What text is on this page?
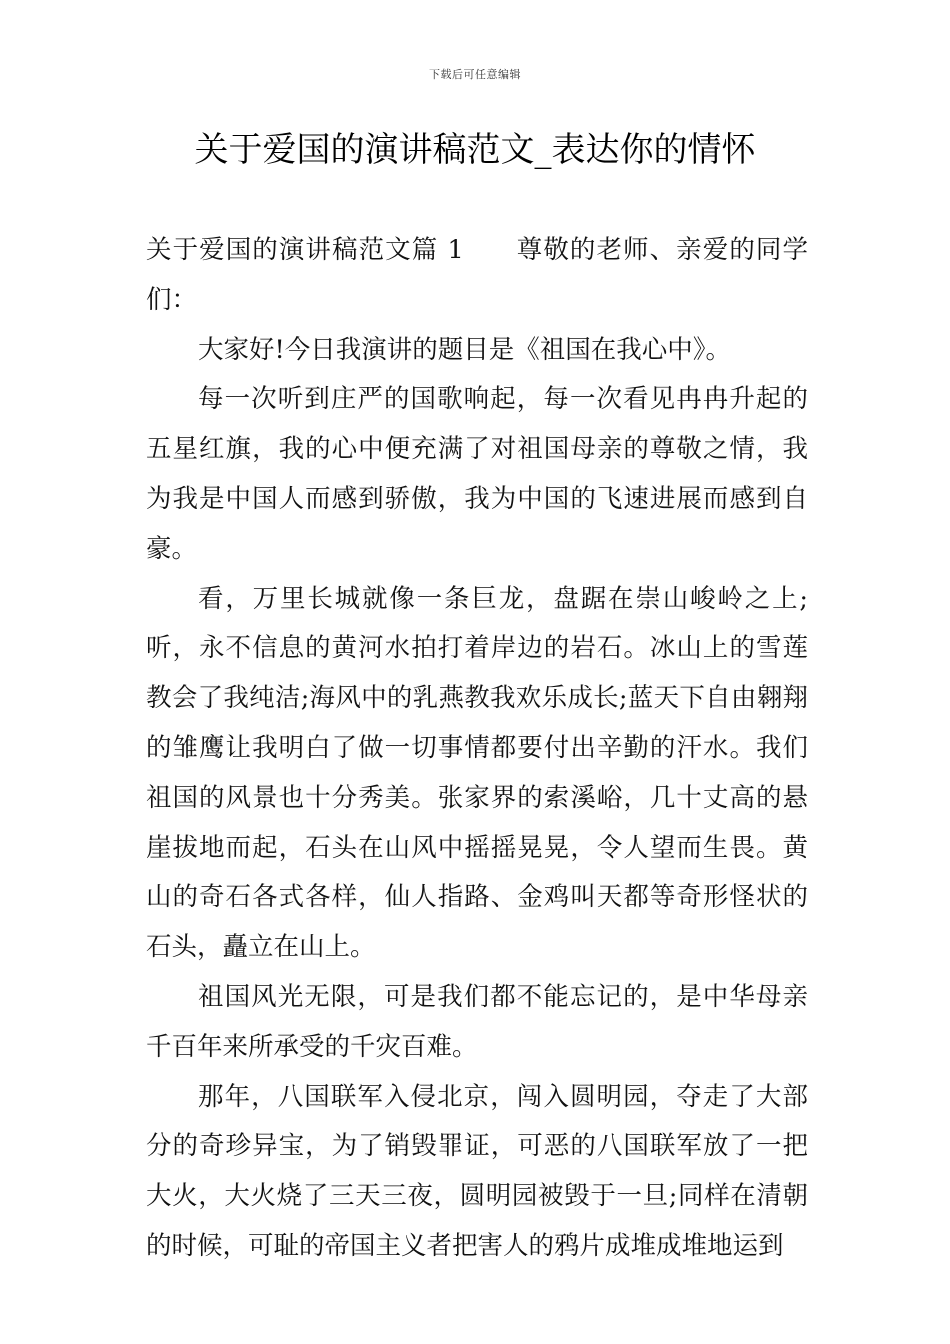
下载后可任意编辑
关于爱国的演讲稿范文_表达你的情怀

关于爱国的演讲稿范文篇 1 尊敬的老师、亲爱的同学们：

大家好!今日我演讲的题目是《祖国在我心中》。

每一次听到庄严的国歌响起，每一次看见冉冉升起的五星红旗，我的心中便充满了对祖国母亲的尊敬之情，我为我是中国人而感到骄傲，我为中国的飞速进展而感到自豪。

看，万里长城就像一条巨龙，盘踞在崇山峻岭之上;听，永不信息的黄河水拍打着岸边的岩石。冰山上的雪莲教会了我纯洁;海风中的乳燕教我欢乐成长;蓝天下自由翱翔的雏鹰让我明白了做一切事情都要付出辛勤的汗水。我们祖国的风景也十分秀美。张家界的索溪峪，几十丈高的悬崖拔地而起，石头在山风中摇摇晃晃，令人望而生畏。黄山的奇石各式各样，仙人指路、金鸡叫天都等奇形怪状的石头，矗立在山上。

祖国风光无限，可是我们都不能忘记的，是中华母亲千百年来所承受的千灾百难。

那年，八国联军入侵北京，闯入圆明园，夺走了大部分的奇珍异宝，为了销毁罪证，可恶的八国联军放了一把大火，大火烧了三天三夜，圆明园被毁于一旦;同样在清朝的时候，可耻的帝国主义者把害人的鸦片成堆成堆地运到
